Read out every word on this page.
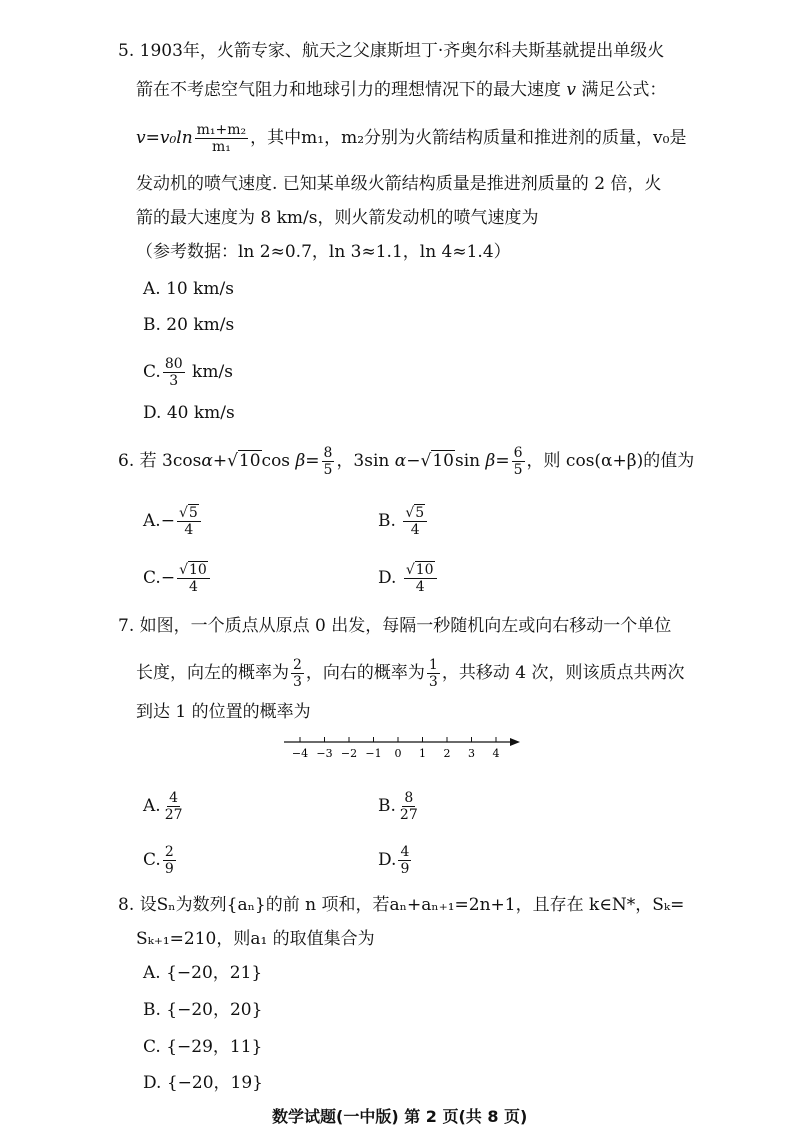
5. 1903年，火箭专家、航天之父康斯坦丁·齐奥尔科夫斯基就提出单级火
箭在不考虑空气阻力和地球引力的理想情况下的最大速度 v 满足公式：
$v=v_0\ln \frac{\text{m₁+m₂}}{\text{m₁}}$ ，其中m₁，m₂分别为火箭结构质量和推进剂的质量，v₀是
发动机的喷气速度. 已知某单级火箭结构质量是推进剂质量的 2 倍，火
箭的最大速度为 8 km/s，则火箭发动机的喷气速度为
（参考数据：ln 2≈0.7，ln 3≈1.1，ln 4≈1.4）
A. 10 km/s
B. 20 km/s
C. $\frac{80}{3} km/s$
D. 40 km/s
6. 若 3cosα+√10cos $\beta= \frac{8}{5}$ ，3sin α−√10sin $\beta= \frac{6}{5}$ ，则 cos(α+β)的值为
$A.- \frac{√5}{4}$	B. $\frac{√5}{4}$
$C.- \frac{√10}{4}$	D. $\frac{√10}{4}$
7. 如图，一个质点从原点 0 出发，每隔一秒随机向左或向右移动一个单位
长度，向左的概率为 $\frac{2}{3}$ ，向右的概率为 $\frac{1}{3}$ ，共移动 4 次，则该质点共两次
到达 1 的位置的概率为
−4 −3 −2 −1 0 1 2 3 4
A. $\frac{4}{27}$	B. $\frac{8}{27}$
C. $\frac{2}{9}$	D. $\frac{4}{9}$
8. 设Sₙ为数列{aₙ}的前 n 项和，若aₙ+aₙ₊₁=2n+1，且存在 k∈N*，Sₖ=
Sₖ₊₁=210，则a₁ 的取值集合为
A. {−20，21}
B. {−20，20}
C. {−29，11}
D. {−20，19}
数学试题(一中版) 第 2 页(共 8 页)
